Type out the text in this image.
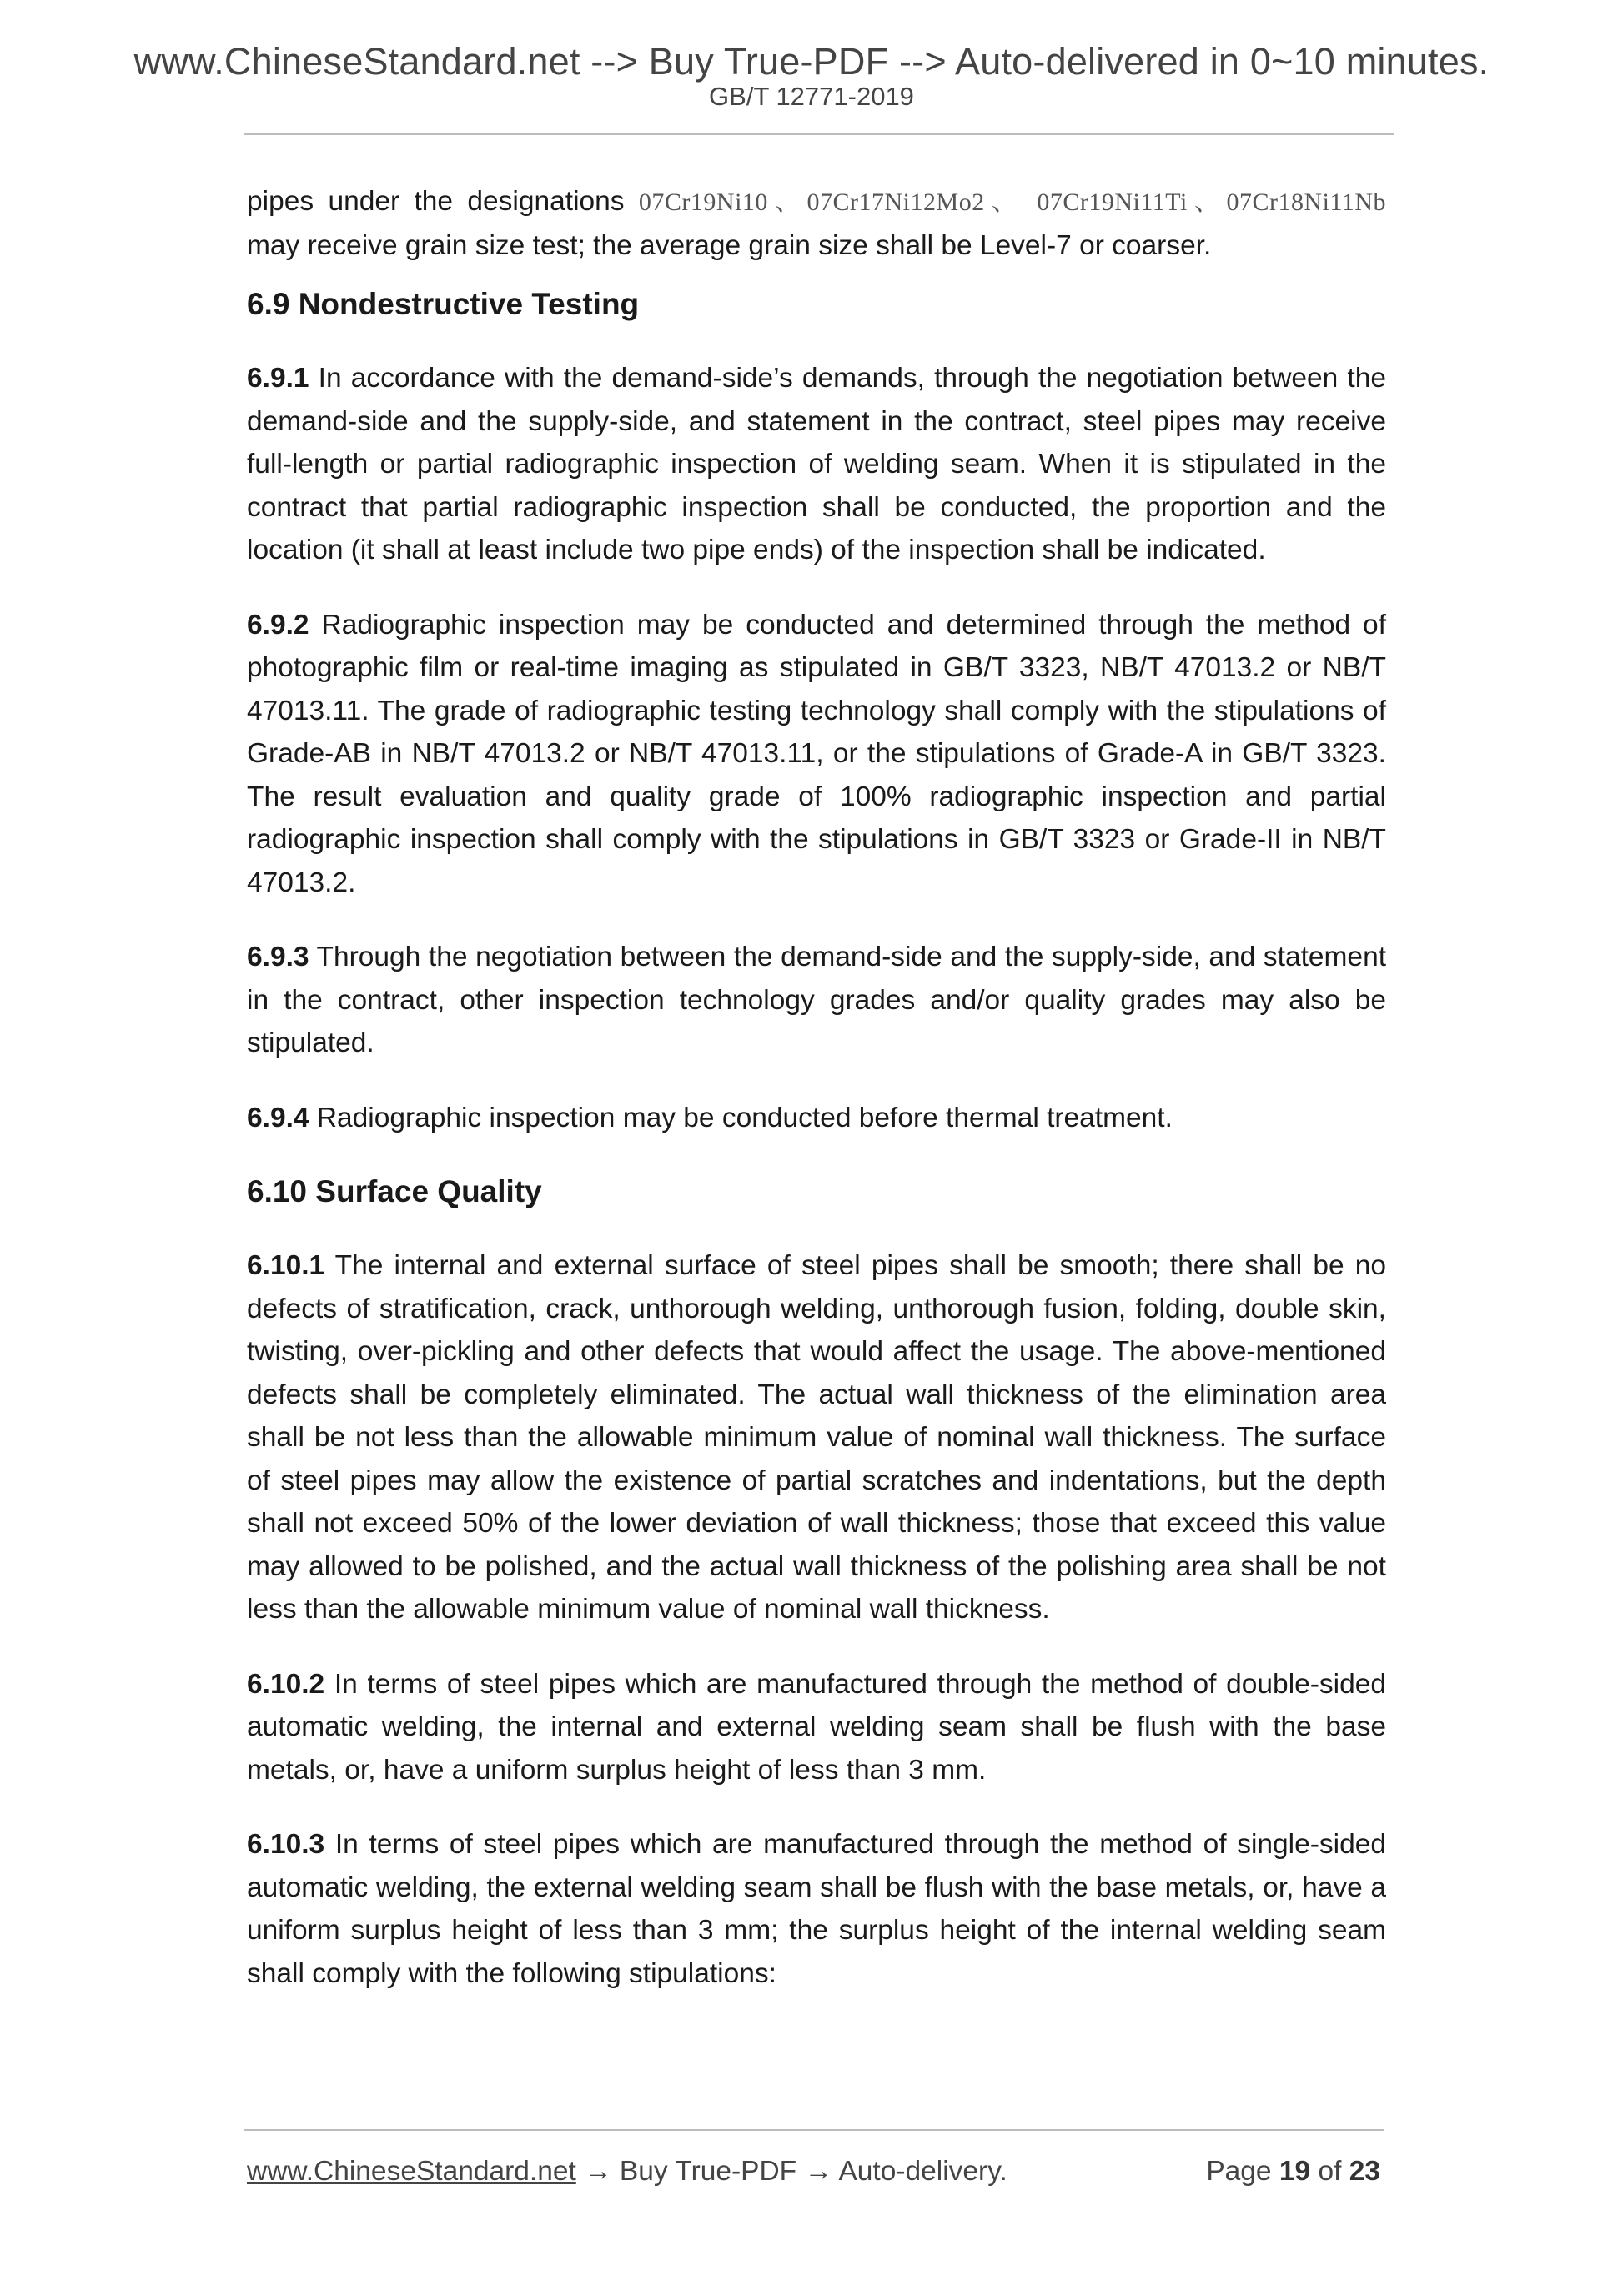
www.ChineseStandard.net --> Buy True-PDF --> Auto-delivered in 0~10 minutes.
GB/T 12771-2019

pipes under the designations 07Cr19Ni10、07Cr17Ni12Mo2、 07Cr19Ni11Ti、07Cr18Ni11Nb
may receive grain size test; the average grain size shall be Level-7 or coarser.

6.9 Nondestructive Testing

6.9.1 In accordance with the demand-side’s demands, through the negotiation between the demand-side and the supply-side, and statement in the contract, steel pipes may receive full-length or partial radiographic inspection of welding seam. When it is stipulated in the contract that partial radiographic inspection shall be conducted, the proportion and the location (it shall at least include two pipe ends) of the inspection shall be indicated.

6.9.2 Radiographic inspection may be conducted and determined through the method of photographic film or real-time imaging as stipulated in GB/T 3323, NB/T 47013.2 or NB/T 47013.11. The grade of radiographic testing technology shall comply with the stipulations of Grade-AB in NB/T 47013.2 or NB/T 47013.11, or the stipulations of Grade-A in GB/T 3323. The result evaluation and quality grade of 100% radiographic inspection and partial radiographic inspection shall comply with the stipulations in GB/T 3323 or Grade-II in NB/T 47013.2.

6.9.3 Through the negotiation between the demand-side and the supply-side, and statement in the contract, other inspection technology grades and/or quality grades may also be stipulated.

6.9.4 Radiographic inspection may be conducted before thermal treatment.

6.10 Surface Quality

6.10.1 The internal and external surface of steel pipes shall be smooth; there shall be no defects of stratification, crack, unthorough welding, unthorough fusion, folding, double skin, twisting, over-pickling and other defects that would affect the usage. The above-mentioned defects shall be completely eliminated. The actual wall thickness of the elimination area shall be not less than the allowable minimum value of nominal wall thickness. The surface of steel pipes may allow the existence of partial scratches and indentations, but the depth shall not exceed 50% of the lower deviation of wall thickness; those that exceed this value may allowed to be polished, and the actual wall thickness of the polishing area shall be not less than the allowable minimum value of nominal wall thickness.

6.10.2 In terms of steel pipes which are manufactured through the method of double-sided automatic welding, the internal and external welding seam shall be flush with the base metals, or, have a uniform surplus height of less than 3 mm.

6.10.3 In terms of steel pipes which are manufactured through the method of single-sided automatic welding, the external welding seam shall be flush with the base metals, or, have a uniform surplus height of less than 3 mm; the surplus height of the internal welding seam shall comply with the following stipulations:

www.ChineseStandard.net → Buy True-PDF → Auto-delivery.	Page 19 of 23
